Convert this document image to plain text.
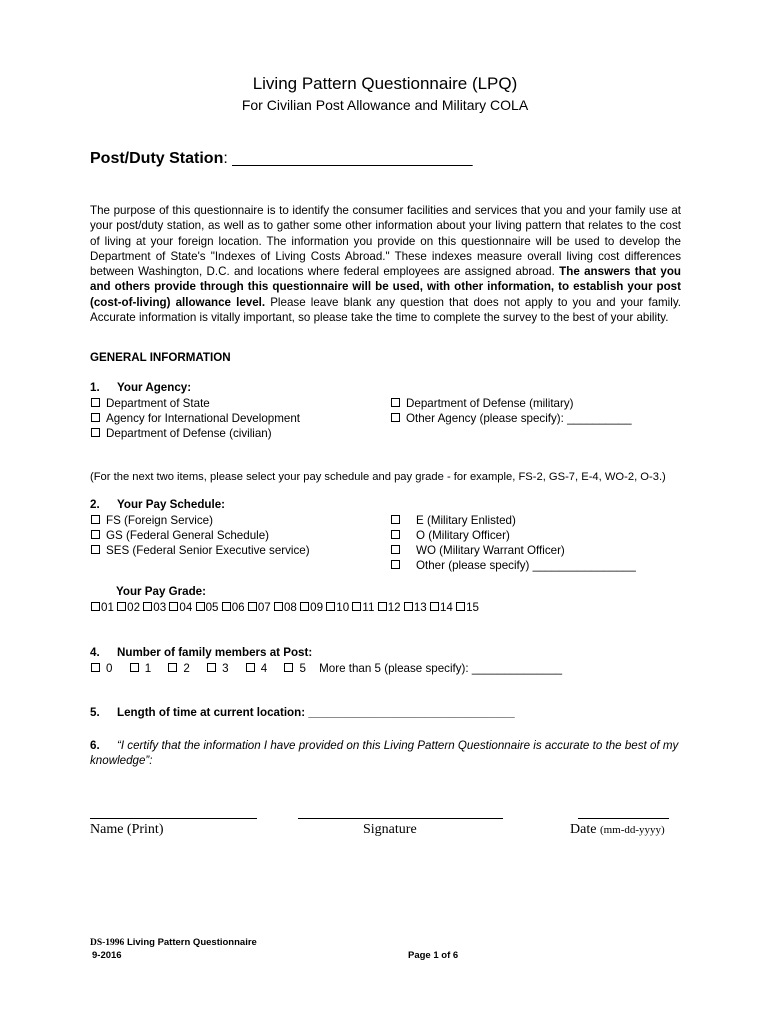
Living Pattern Questionnaire (LPQ)
For Civilian Post Allowance and Military COLA
Post/Duty Station: ___________________________
The purpose of this questionnaire is to identify the consumer facilities and services that you and your family use at your post/duty station, as well as to gather some other information about your living pattern that relates to the cost of living at your foreign location. The information you provide on this questionnaire will be used to develop the Department of State's "Indexes of Living Costs Abroad." These indexes measure overall living cost differences between Washington, D.C. and locations where federal employees are assigned abroad. The answers that you and others provide through this questionnaire will be used, with other information, to establish your post (cost-of-living) allowance level. Please leave blank any question that does not apply to you and your family. Accurate information is vitally important, so please take the time to complete the survey to the best of your ability.
GENERAL INFORMATION
1. Your Agency:
Department of State
Agency for International Development
Department of Defense (civilian)
Department of Defense (military)
Other Agency (please specify): __________
(For the next two items, please select your pay schedule and pay grade - for example, FS-2, GS-7, E-4, WO-2, O-3.)
2. Your Pay Schedule:
FS (Foreign Service)
GS (Federal General Schedule)
SES (Federal Senior Executive service)
E (Military Enlisted)
O (Military Officer)
WO (Military Warrant Officer)
Other (please specify) ________________
Your Pay Grade:
01 02 03 04 05 06 07 08 09 10 11 12 13 14 15
4. Number of family members at Post:
0	1	2	3	4	5 More than 5 (please specify): ______________
5. Length of time at current location: ________________________________
6. “I certify that the information I have provided on this Living Pattern Questionnaire is accurate to the best of my knowledge”:
Name (Print)	Signature	Date (mm-dd-yyyy)
DS-1996 Living Pattern Questionnaire
9-2016	Page 1 of 6
